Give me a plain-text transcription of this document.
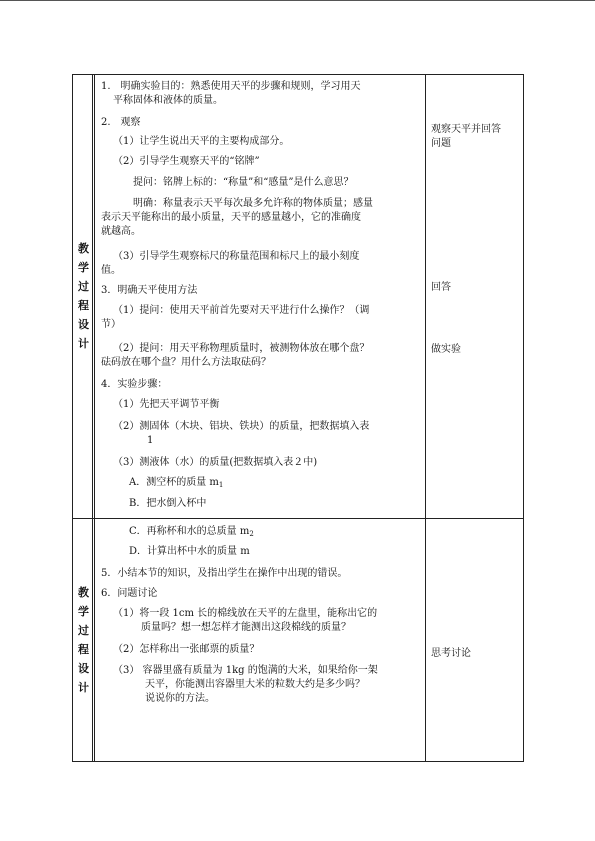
教
学
过
程
设
计
1.　明确实验目的：熟悉使用天平的步骤和规则，学习用天
平称固体和液体的质量。
2.　观察
（1）让学生说出天平的主要构成部分。
（2）引导学生观察天平的“铭牌”
提问：铭牌上标的：“称量”和“感量”是什么意思？
明确：称量表示天平每次最多允许称的物体质量；感量
表示天平能称出的最小质量，天平的感量越小，它的准确度
就越高。
（3）引导学生观察标尺的称量范围和标尺上的最小刻度
值。
3．明确天平使用方法
（1）提问：使用天平前首先要对天平进行什么操作？（调
节）
（2）提问：用天平称物理质量时，被测物体放在哪个盘？
砝码放在哪个盘？用什么方法取砝码？
4．实验步骤：
（1）先把天平调节平衡
（2）测固体（木块、铝块、铁块）的质量，把数据填入表
1
（3）测液体（水）的质量(把数据填入表２中)
A．测空杯的质量 $m_1$
B．把水倒入杯中
观察天平并回答
问题
回答
做实验
教
学
过
程
设
计
C．再称杯和水的总质量 $m_2$
D．计算出杯中水的质量 m
5．小结本节的知识，及指出学生在操作中出现的错误。
6．问题讨论
（1）将一段 1cm 长的棉线放在天平的左盘里，能称出它的
质量吗？想一想怎样才能测出这段棉线的质量？
（2）怎样称出一张邮票的质量？
（3） 容器里盛有质量为 1kg 的饱满的大米，如果给你一架
天平，你能测出容器里大米的粒数大约是多少吗？
说说你的方法。
思考讨论
